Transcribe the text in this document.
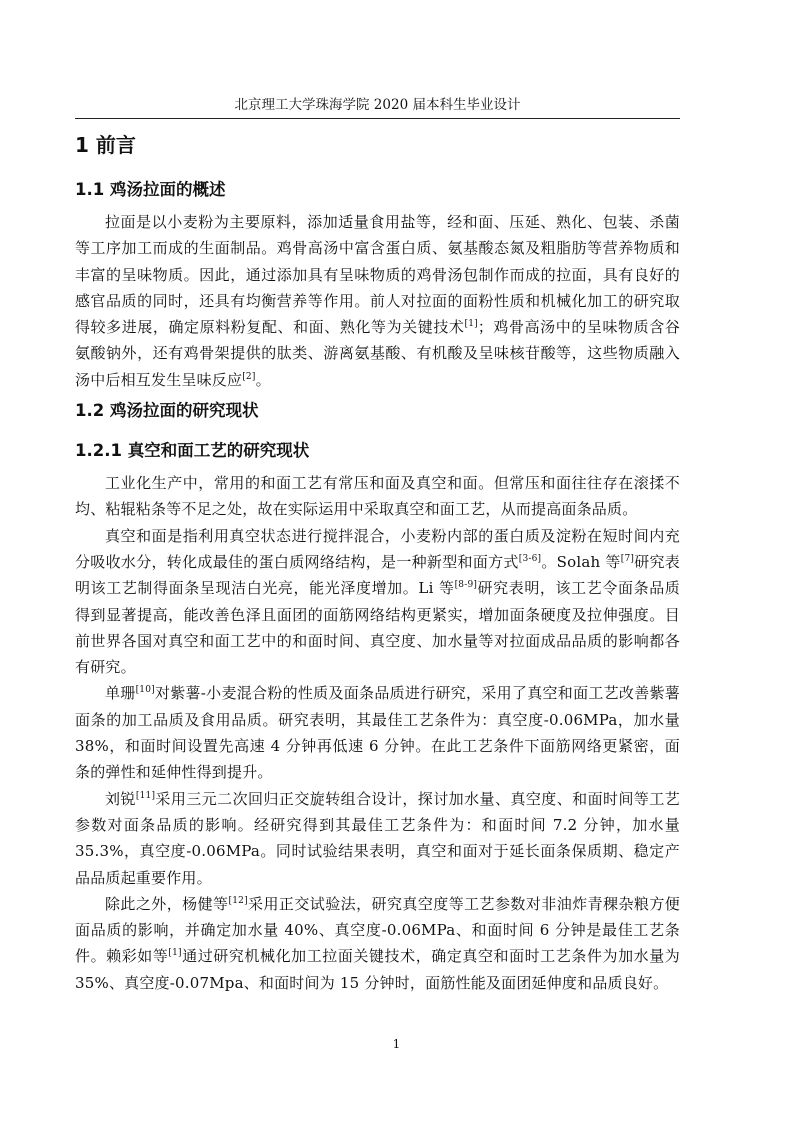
北京理工大学珠海学院 2020 届本科生毕业设计
1 前言
1.1 鸡汤拉面的概述

拉面是以小麦粉为主要原料，添加适量食用盐等，经和面、压延、熟化、包装、杀菌等工序加工而成的生面制品。鸡骨高汤中富含蛋白质、氨基酸态氮及粗脂肪等营养物质和丰富的呈味物质。因此，通过添加具有呈味物质的鸡骨汤包制作而成的拉面，具有良好的感官品质的同时，还具有均衡营养等作用。前人对拉面的面粉性质和机械化加工的研究取得较多进展，确定原料粉复配、和面、熟化等为关键技术[1]；鸡骨高汤中的呈味物质含谷氨酸钠外，还有鸡骨架提供的肽类、游离氨基酸、有机酸及呈味核苷酸等，这些物质融入汤中后相互发生呈味反应[2]。

1.2 鸡汤拉面的研究现状
1.2.1 真空和面工艺的研究现状

工业化生产中，常用的和面工艺有常压和面及真空和面。但常压和面往往存在滚揉不均、粘辊粘条等不足之处，故在实际运用中采取真空和面工艺，从而提高面条品质。

真空和面是指利用真空状态进行搅拌混合，小麦粉内部的蛋白质及淀粉在短时间内充分吸收水分，转化成最佳的蛋白质网络结构，是一种新型和面方式[3-6]。Solah 等[7]研究表明该工艺制得面条呈现洁白光亮，能光泽度增加。Li 等[8-9]研究表明，该工艺令面条品质得到显著提高，能改善色泽且面团的面筋网络结构更紧实，增加面条硬度及拉伸强度。目前世界各国对真空和面工艺中的和面时间、真空度、加水量等对拉面成品品质的影响都各有研究。

单珊[10]对紫薯-小麦混合粉的性质及面条品质进行研究，采用了真空和面工艺改善紫薯面条的加工品质及食用品质。研究表明，其最佳工艺条件为：真空度-0.06MPa，加水量 38%，和面时间设置先高速 4 分钟再低速 6 分钟。在此工艺条件下面筋网络更紧密，面条的弹性和延伸性得到提升。

刘锐[11]采用三元二次回归正交旋转组合设计，探讨加水量、真空度、和面时间等工艺参数对面条品质的影响。经研究得到其最佳工艺条件为：和面时间 7.2 分钟，加水量 35.3%，真空度-0.06MPa。同时试验结果表明，真空和面对于延长面条保质期、稳定产品品质起重要作用。

除此之外，杨健等[12]采用正交试验法，研究真空度等工艺参数对非油炸青稞杂粮方便面品质的影响，并确定加水量 40%、真空度-0.06MPa、和面时间 6 分钟是最佳工艺条件。赖彩如等[1]通过研究机械化加工拉面关键技术，确定真空和面时工艺条件为加水量为 35%、真空度-0.07Mpa、和面时间为 15 分钟时，面筋性能及面团延伸度和品质良好。

1
